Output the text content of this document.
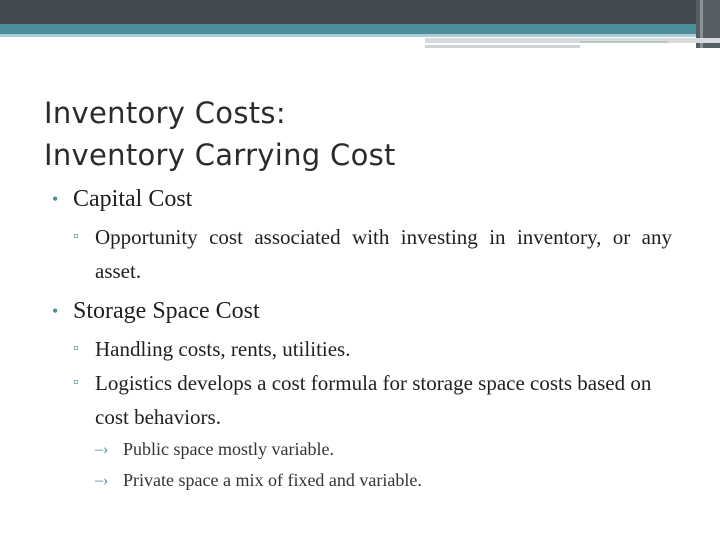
Inventory Costs:
Inventory Carrying Cost
• Capital Cost
▫ Opportunity cost associated with investing in inventory, or any asset.
• Storage Space Cost
▫ Handling costs, rents, utilities.
▫ Logistics develops a cost formula for storage space costs based on cost behaviors.
–› Public space mostly variable.
–› Private space a mix of fixed and variable.
